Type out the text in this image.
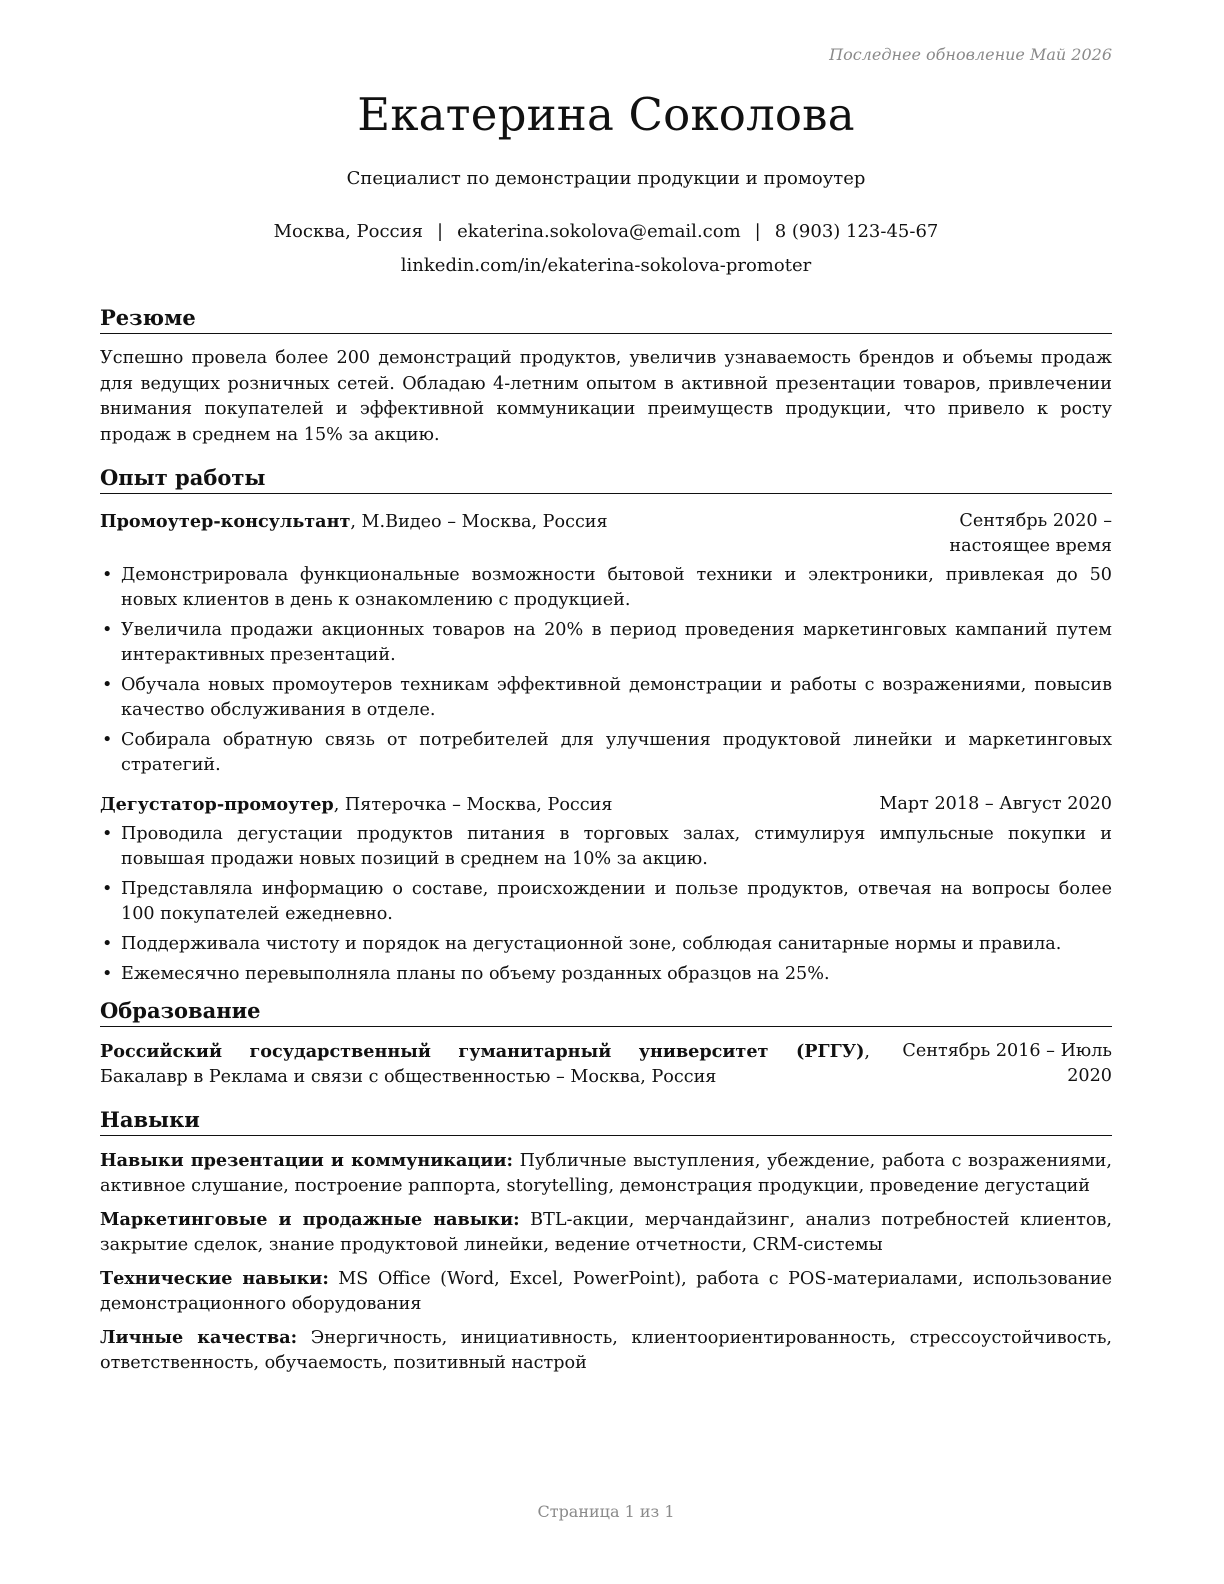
Последнее обновление Май 2026
Екатерина Соколова
Специалист по демонстрации продукции и промоутер
Москва, Россия | ekaterina.sokolova@email.com | 8 (903) 123-45-67
linkedin.com/in/ekaterina-sokolova-promoter
Резюме
Успешно провела более 200 демонстраций продуктов, увеличив узнаваемость брендов и объемы продаж для ведущих розничных сетей. Обладаю 4-летним опытом в активной презентации товаров, привлечении внимания покупателей и эффективной коммуникации преимуществ продукции, что привело к росту продаж в среднем на 15% за акцию.
Опыт работы
Промоутер-консультант, М.Видео – Москва, Россия	Сентябрь 2020 – настоящее время
• Демонстрировала функциональные возможности бытовой техники и электроники, привлекая до 50 новых клиентов в день к ознакомлению с продукцией.
• Увеличила продажи акционных товаров на 20% в период проведения маркетинговых кампаний путем интерактивных презентаций.
• Обучала новых промоутеров техникам эффективной демонстрации и работы с возражениями, повысив качество обслуживания в отделе.
• Собирала обратную связь от потребителей для улучшения продуктовой линейки и маркетинговых стратегий.
Дегустатор-промоутер, Пятерочка – Москва, Россия	Март 2018 – Август 2020
• Проводила дегустации продуктов питания в торговых залах, стимулируя импульсные покупки и повышая продажи новых позиций в среднем на 10% за акцию.
• Представляла информацию о составе, происхождении и пользе продуктов, отвечая на вопросы более 100 покупателей ежедневно.
• Поддерживала чистоту и порядок на дегустационной зоне, соблюдая санитарные нормы и правила.
• Ежемесячно перевыполняла планы по объему розданных образцов на 25%.
Образование
Российский государственный гуманитарный университет (РГГУ), Бакалавр в Реклама и связи с общественностью – Москва, Россия
Сентябрь 2016 – Июль 2020
Навыки
Навыки презентации и коммуникации: Публичные выступления, убеждение, работа с возражениями, активное слушание, построение раппорта, storytelling, демонстрация продукции, проведение дегустаций
Маркетинговые и продажные навыки: BTL-акции, мерчандайзинг, анализ потребностей клиентов, закрытие сделок, знание продуктовой линейки, ведение отчетности, CRM-системы
Технические навыки: MS Office (Word, Excel, PowerPoint), работа с POS-материалами, использование демонстрационного оборудования
Личные качества: Энергичность, инициативность, клиентоориентированность, стрессоустойчивость, ответственность, обучаемость, позитивный настрой
Страница 1 из 1
